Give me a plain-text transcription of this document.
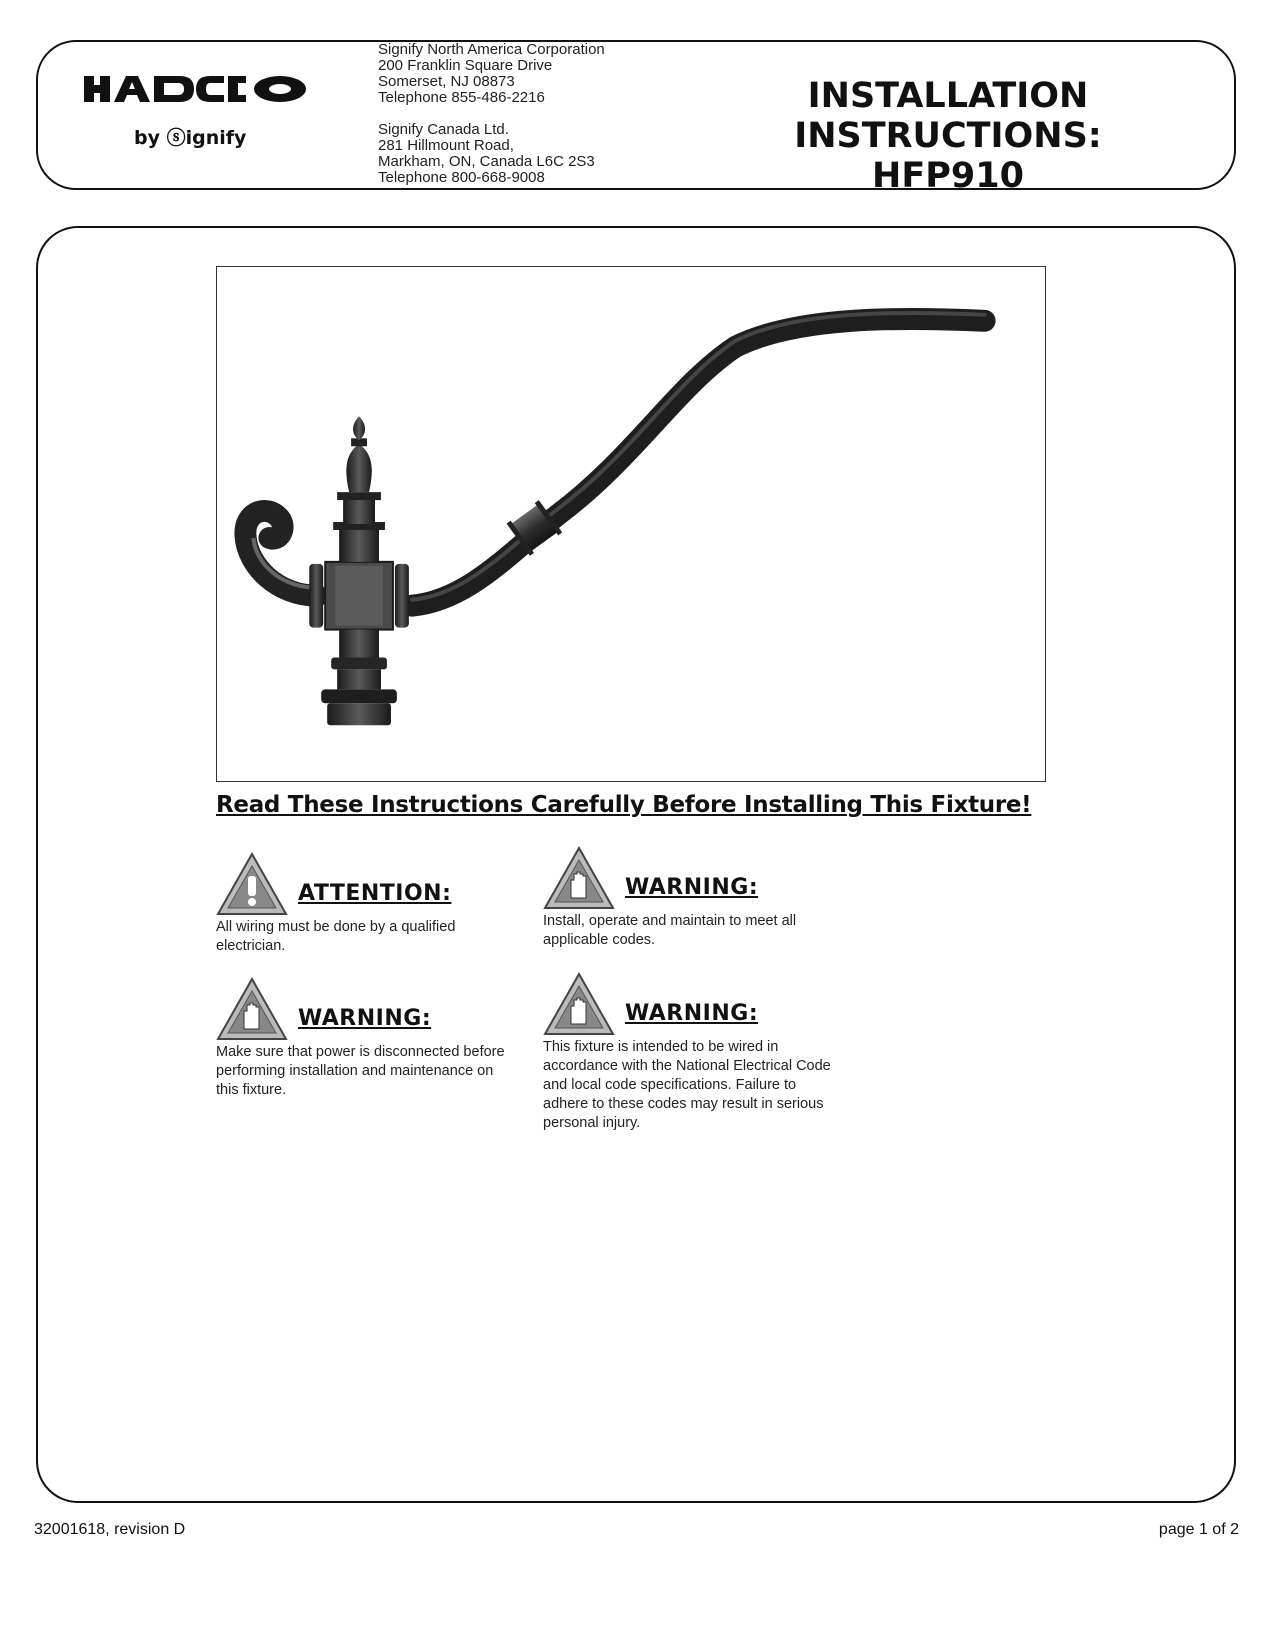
by ⓢignify

Signify North America Corporation

200 Franklin Square Drive

Somerset, NJ 08873

Telephone 855-486-2216

Signify Canada Ltd.

281 Hillmount Road,

Markham, ON, Canada L6C 2S3

Telephone 800-668-9008

INSTALLATION INSTRUCTIONS:
HFP910
Read These Instructions Carefully Before Installing This Fixture!
ATTENTION:
All wiring must be done by a qualified electrician.
WARNING:
Install, operate and maintain to meet all applicable codes.
WARNING:
Make sure that power is disconnected before performing installation and maintenance on this fixture.
WARNING:
This fixture is intended to be wired in accordance with the National Electrical Code and local code specifications. Failure to adhere to these codes may result in serious personal injury.
32001618, revision D	page 1 of 2
